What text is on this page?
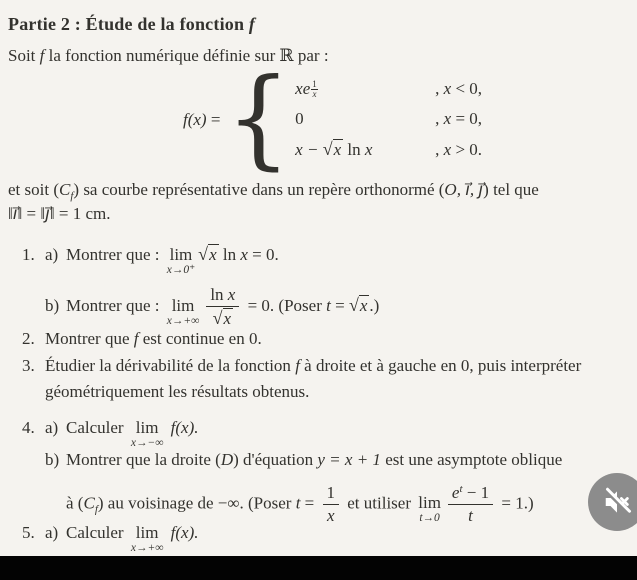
Partie 2 : Étude de la fonction f
Soit f la fonction numérique définie sur ℝ par :
f(x) = { xe $\frac{1}{x}$	, x < 0,
0	, x = 0,
x − √x ln x	, x > 0.
et soit $(C_f)$ sa courbe représentative dans un repère orthonormé (O, i⃗, j⃗) tel que
‖i⃗‖ = ‖j⃗‖ = 1 cm.
1. a) Montrer que : lim
x→0⁺
√x ln x = 0.
b) Montrer que : lim
$x\to+\infty \frac{\text{ln x}}{√x} = 0$. (Poser t = √x .)
2. Montrer que f est continue en 0.
3. Étudier la dérivabilité de la fonction f à droite et à gauche en 0, puis interpréter
géométriquement les résultats obtenus.
4. a) Calculer lim
x→−∞
f(x).
b) Montrer que la droite (D) d'équation y = x + 1 est une asymptote oblique
à $(C_f)$ au voisinage de −∞. (Poser $t = \frac{1}{x}$ et utiliser lim
$t\to 0 \frac{e^t - 1}{t} = 1$.)
5. a) Calculer lim
x→+∞
f(x).
